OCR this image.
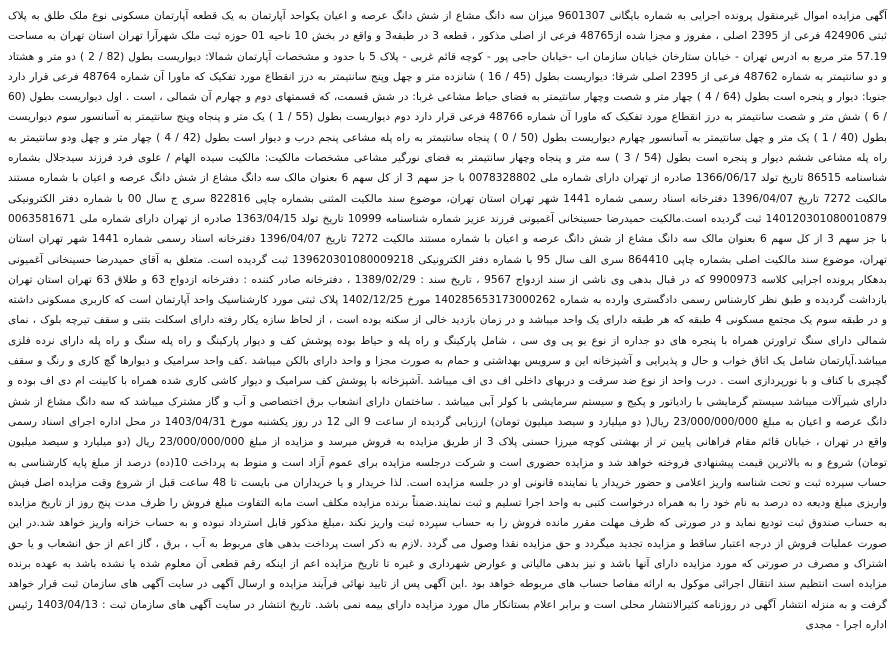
آگهی مزایده اموال غیرمنقول پرونده اجرایی به شماره بایگانی 9601307 میزان سه دانگ مشاع از شش دانگ عرصه و اعیان یکواحد آپارتمان به یک قطعه آپارتمان مسکونی نوع ملک طلق به پلاک ثبتی 424906 فرعی از 2395 اصلی ، مفروز و مجزا شده از48765 فرعی از اصلی مذکور ، قطعه 3 در طبقه3 و واقع در بخش 10 ناحیه 01 حوزه ثبت ملک شهرآرا تهران استان تهران به مساحت 57.19 متر مربع به ادرس تهران - خیابان ستارخان خیابان سازمان اب -خیابان حاجی پور - کوچه قائم غربی - پلاک 5 با حدود و مشخصات آپارتمان شمالا: دیواریست بطول (82 / 2 ) دو متر و هشتاد و دو سانتیمتر به شماره 48762 فرعی از 2395 اصلی شرقا: دیواریست بطول (45 / 16 ) شانزده متر و چهل وپنج سانتیمتر به درز انقطاع مورد تفکیک که ماورا آن شماره 48764 فرعی قرار دارد جنوبا: دیوار و پنجره است بطول (64 / 4 ) چهار متر و شصت وچهار سانتیمتر به فضای حیاط مشاعی غربا: در شش قسمت، که قسمتهای دوم و چهارم آن شمالی ، است . اول دیواریست بطول (60 / 6 ) شش متر و شصت سانتیمتر به درز انقطاع مورد تفکیک که ماورا آن شماره 48766 فرعی قرار دارد دوم دیواریست بطول (55 / 1 ) یک متر و پنجاه وپنج سانتیمتر به آسانسور سوم دیواریست بطول (40 / 1 ) یک متر و چهل سانتیمتر به آسانسور چهارم دیواریست بطول (50 / 0 ) پنجاه سانتیمتر به راه پله مشاعی پنجم درب و دیوار است بطول (42 / 4 ) چهار متر و چهل ودو سانتیمتر به راه پله مشاعی ششم دیوار و پنجره است بطول (54 / 3 ) سه متر و پنجاه وچهار سانتیمتر به فضای نورگیر مشاعی مشخصات مالکیت: مالکیت سیده الهام / علوی فرد فرزند سیدجلال بشماره شناسنامه 86515 تاریخ تولد 1366/06/17 صادره از تهران دارای شماره ملی 0078328802 با جز سهم 3 از کل سهم 6 بعنوان مالک سه دانگ مشاع از شش دانگ عرصه و اعیان با شماره مستند مالکیت 7272 تاریخ 1396/04/07 دفترخانه اسناد رسمی شماره 1441 شهر تهران استان تهران، موضوع سند مالکیت المثنی بشماره چاپی 822816 سری ج سال 00 با شماره دفتر الکترونیکی 140120301080010879 ثبت گردیده است.مالکیت حمیدرضا حسینخانی آغمیونی فرزند عزیز شماره شناسنامه 10999 تاریخ تولد 1363/04/15 صادره از تهران دارای شماره ملی 0063581671 با جز سهم 3 از کل سهم 6 بعنوان مالک سه دانگ مشاع از شش دانگ عرصه و اعیان با شماره مستند مالکیت 7272 تاریخ 1396/04/07 دفترخانه اسناد رسمی شماره 1441 شهر تهران استان تهران، موضوع سند مالکیت اصلی بشماره چاپی 864410 سری الف سال 95 با شماره دفتر الکترونیکی 139620301080009218 ثبت گردیده است. متعلق به آقای حمیدرضا حسینخانی آغمیونی بدهکار پرونده اجرایی کلاسه 9900973 که در قبال بدهی وی ناشی از سند ازدواج 9567 ، تاریخ سند : 1389/02/29 ، دفترخانه صادر کننده : دفترخانه ازدواج 63 و طلاق 63 تهران استان تهران بازداشت گردیده و طبق نظر کارشناس رسمی دادگستری وارده به شماره 140285653173000262 مورخ 1402/12/25 پلاک ثبتی مورد کارشناسیک واحد آپارتمان است که کاربری مسکونی داشته و در طبقه سوم یک مجتمع مسکونی 4 طبقه که هر طبقه دارای یک واحد میباشد و در زمان بازدید خالی از سکنه بوده است ، از لحاظ سازه یکار رفته دارای اسکلت بتنی و سقف تیرچه بلوک ، نمای شمالی دارای سنگ تراورتن همراه با پنجره های دو جداره از نوع یو پی وی سی ، شامل پارکینگ و راه پله و حیاط بوده پوشش کف و دیوار پارکینگ و راه پله سنگ و راه پله دارای نرده فلزی میباشد.آپارتمان شامل یک اتاق خواب و حال و پذیرایی و آشپزخانه این و سرویس بهداشتی و حمام به صورت مجزا و واحد دارای بالکن میباشد .کف واحد سرامیک و دیوارها گچ کاری و رنگ و سقف گچبری با کناف و با نورپردازی است . درب واحد از نوع ضد سرقت و دربهای داخلی اف دی اف میباشد .آشپزخانه با پوشش کف سرامیک و دیوار کاشی کاری شده همراه با کابینت ام دی اف بوده و دارای شیرآلات میباشد سیستم گرمایشی با رادیاتور و پکیج و سیستم سرمایشی با کولر آبی میباشد . ساختمان دارای انشعاب برق اختصاصی و آب و گاز مشترک میباشد که سه دانگ مشاع از شش دانگ عرصه و اعیان به مبلغ 23/000/000/000 ریال( دو میلیارد و سیصد میلیون تومان) ارزیابی گردیده از ساعت 9 الی 12 در روز یکشنبه مورخ 1403/04/31 در محل اداره اجرای اسناد رسمی واقع در تهران ، خیابان قائم مقام فراهانی پایین تر از بهشتی کوچه میرزا حسنی پلاک 3 از طریق مزایده به فروش میرسد و مزایده از مبلغ 23/000/000/000 ریال (دو میلیارد و سیصد میلیون تومان) شروع و به بالاترین قیمت پیشنهادی فروخته خواهد شد و مزایده حضوری است و شرکت درجلسه مزایده برای عموم آزاد است و منوط به پرداخت 10(ده) درصد از مبلغ پایه کارشناسی به حساب سپرده ثبت و تحت شناسه واریز اعلامی و حضور خریدار یا نماینده قانونی او در جلسه مزایده است. لذا خریدار و یا خریداران می بایست تا 48 ساعت قبل از شروع وقت مزایده اصل فیش واریزی مبلغ ودیعه ده درصد به نام خود را به همراه درخواست کتبی به واحد اجرا تسلیم و ثبت نمایند.ضمناً برنده مزایده مکلف است مابه التفاوت مبلغ فروش را ظرف مدت پنج روز از تاریخ مزایده به حساب صندوق ثبت تودیع نماید و در صورتی که ظرف مهلت مقرر مانده فروش را به حساب سپرده ثبت واریز نکند ،مبلغ مذکور قابل استرداد نبوده و به حساب خزانه واریز خواهد شد.در این صورت عملیات فروش از درجه اعتبار ساقط و مزایده تجدید میگردد و حق مزایده نقدا وصول می گردد .لازم به ذکر است پرداخت بدهی های مربوط به آب ، برق ، گاز اعم از حق انشعاب و یا حق اشتراک و مصرف در صورتی که مورد مزایده دارای آنها باشد و نیز بدهی مالیاتی و عوارض شهرداری و غیره تا تاریخ مزایده اعم از اینکه رقم قطعی آن معلوم شده یا نشده باشد به عهده برنده مزایده است انتظیم سند انتقال اجرائی موکول به ارائه مفاصا حساب های مربوطه خواهد بود .این آگهی پس از تایید نهائی فرآیند مزایده و ارسال آگهی در سایت آگهی های سازمان ثبت قرار خواهد گرفت و به منزله انتشار آگهی در روزنامه کثیرالانتشار محلی است و برابر اعلام بستانکار مال مورد مزایده دارای بیمه نمی باشد. تاریخ انتشار در سایت آگهی های سازمان ثبت : 1403/04/13 رئیس اداره اجرا - مجدی
